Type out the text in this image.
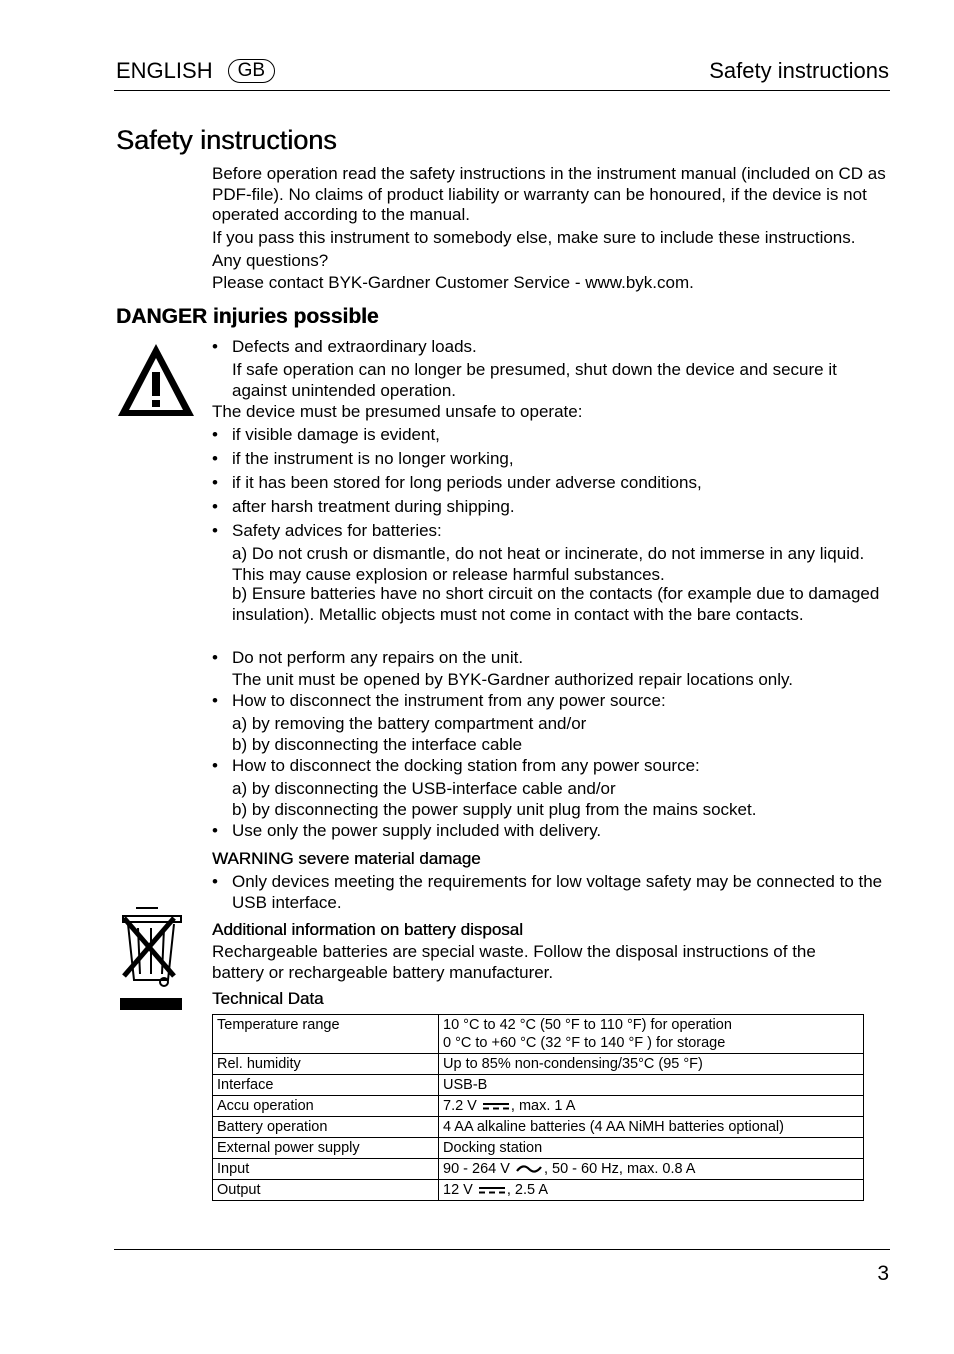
ENGLISH	GB	Safety instructions
Safety instructions
Before operation read the safety instructions in the instrument manual (included on CD as PDF-file). No claims of product liability or warranty can be honoured, if the device is not operated according to the manual.
If you pass this instrument to somebody else, make sure to include these instructions.
Any questions?
Please contact BYK-Gardner Customer Service - www.byk.com.
DANGER injuries possible
• Defects and extraordinary loads.
If safe operation can no longer be presumed, shut down the device and secure it against unintended operation.
The device must be presumed unsafe to operate:
• if visible damage is evident,
• if the instrument is no longer working,
• if it has been stored for long periods under adverse conditions,
• after harsh treatment during shipping.
• Safety advices for batteries:
a) Do not crush or dismantle, do not heat or incinerate, do not immerse in any liquid. This may cause explosion or release harmful substances.
b) Ensure batteries have no short circuit on the contacts (for example due to damaged insulation). Metallic objects must not come in contact with the bare contacts.
• Do not perform any repairs on the unit.
The unit must be opened by BYK-Gardner authorized repair locations only.
• How to disconnect the instrument from any power source:
a) by removing the battery compartment and/or
b) by disconnecting the interface cable
• How to disconnect the docking station from any power source:
a) by disconnecting the USB-interface cable and/or
b) by disconnecting the power supply unit plug from the mains socket.
• Use only the power supply included with delivery.
WARNING severe material damage
• Only devices meeting the requirements for low voltage safety may be connected to the USB interface.
Additional information on battery disposal
Rechargeable batteries are special waste. Follow the disposal instructions of the battery or rechargeable battery manufacturer.
Technical Data
Temperature range	10 °C to 42 °C (50 °F to 110 °F) for operation
0 °C to +60 °C (32 °F to 140 °F ) for storage

Rel. humidity	Up to 85% non-condensing/35°C (95 °F)
Interface	USB-B
Accu operation	7.2 V , max. 1 A
Battery operation	4 AA alkaline batteries (4 AA NiMH batteries optional)
External power supply	Docking station
Input	90 - 264 V , 50 - 60 Hz, max. 0.8 A
Output	12 V , 2.5 A
3
